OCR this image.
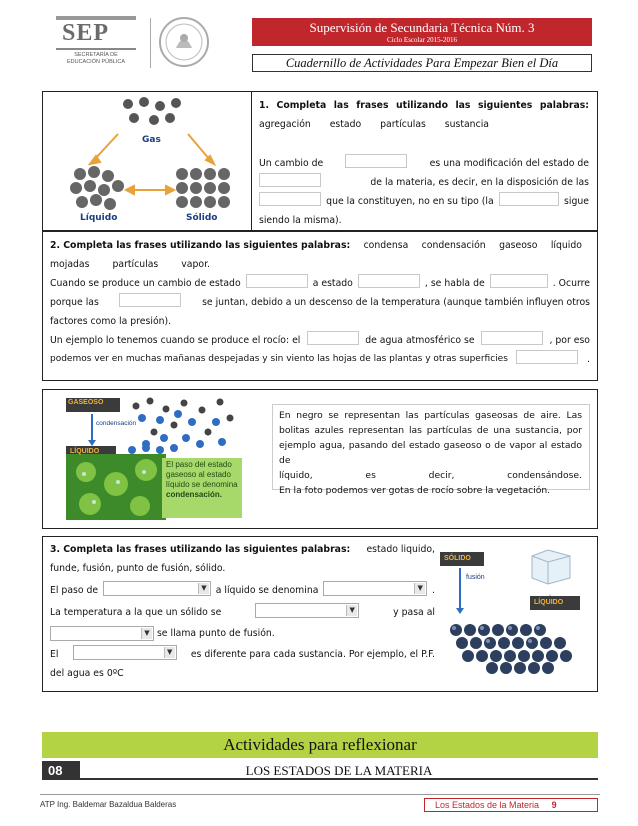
SEP
SECRETARÍA DE
EDUCACIÓN PÚBLICA
Supervisión de Secundaria Técnica Núm. 3
Ciclo Escolar 2015-2016
Cuadernillo de Actividades Para Empezar Bien el Día
Gas
Líquido	Sólido
1. Completa las frases utilizando las siguientes palabras:
agregación estado partículas sustancia
Un cambio de	es una modificación del estado de
de la materia, es decir, en la disposición de las
que la constituyen, no en su tipo (la	sigue
siendo la misma).
2. Completa las frases utilizando las siguientes palabras: condensa condensación gaseoso líquido
mojadas partículas vapor.
Cuando se produce un cambio de estado	a estado	, se habla de	. Ocurre
porque las	se juntan, debido a un descenso de la temperatura (aunque también influyen otros
factores como la presión).
Un ejemplo lo tenemos cuando se produce el rocío: el	de agua atmosférico se	, por eso
podemos ver en muchas mañanas despejadas y sin viento las hojas de las plantas y otras superficies	.
GASEOSO
condensación
LÍQUIDO
El paso del estado gaseoso al estado líquido se denomina condensación.
En negro se representan las partículas gaseosas de aire. Las bolitas azules representan las partículas de una sustancia, por ejemplo agua, pasando del estado gaseoso o de vapor al estado de
líquido,	es	decir,	condensándose.
En la foto podemos ver gotas de rocío sobre la vegetación.
3. Completa las frases utilizando las siguientes palabras: estado liquido,
funde, fusión, punto de fusión, sólido.
El paso de	▼ a líquido se denomina	▼ .
La temperatura a la que un sólido se	▼	y pasa al
▼ se llama punto de fusión.
El	▼ es diferente para cada sustancia. Por ejemplo, el P.F.
del agua es 0ºC
SÓLIDO
fusión
LÍQUIDO
Actividades para reflexionar
08	LOS ESTADOS DE LA MATERIA
ATP Ing. Baldemar Bazaldua Balderas	Los Estados de la Materia 9
